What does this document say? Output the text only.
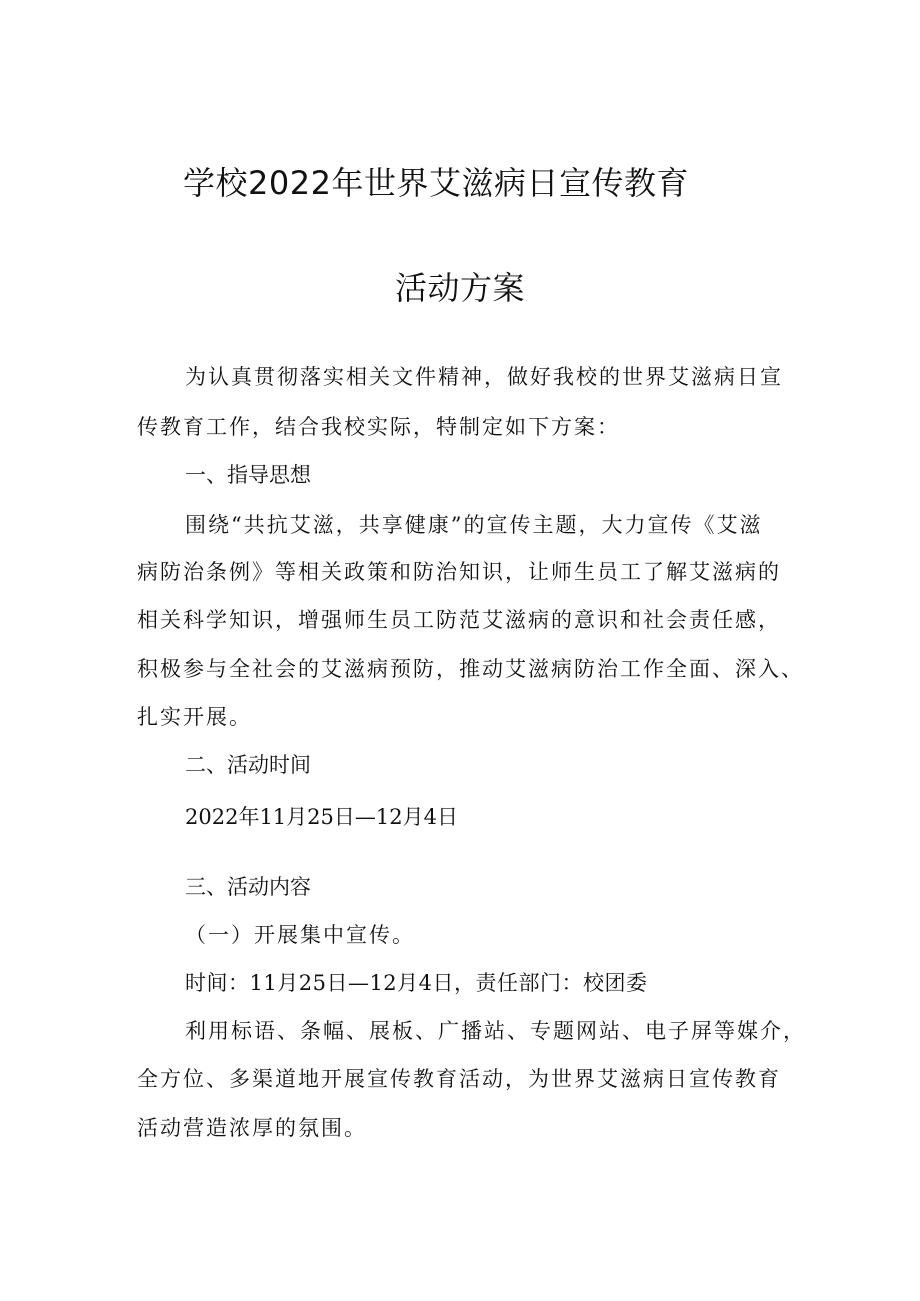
学校2022年世界艾滋病日宣传教育
活动方案
为认真贯彻落实相关文件精神，做好我校的世界艾滋病日宣
传教育工作，结合我校实际，特制定如下方案：
一、指导思想
围绕“共抗艾滋，共享健康”的宣传主题，大力宣传《艾滋
病防治条例》等相关政策和防治知识，让师生员工了解艾滋病的
相关科学知识，增强师生员工防范艾滋病的意识和社会责任感，
积极参与全社会的艾滋病预防，推动艾滋病防治工作全面、深入、
扎实开展。
二、活动时间
2022年11月25日—12月4日
三、活动内容
（一）开展集中宣传。
时间：11月25日—12月4日，责任部门：校团委
利用标语、条幅、展板、广播站、专题网站、电子屏等媒介，
全方位、多渠道地开展宣传教育活动，为世界艾滋病日宣传教育
活动营造浓厚的氛围。
